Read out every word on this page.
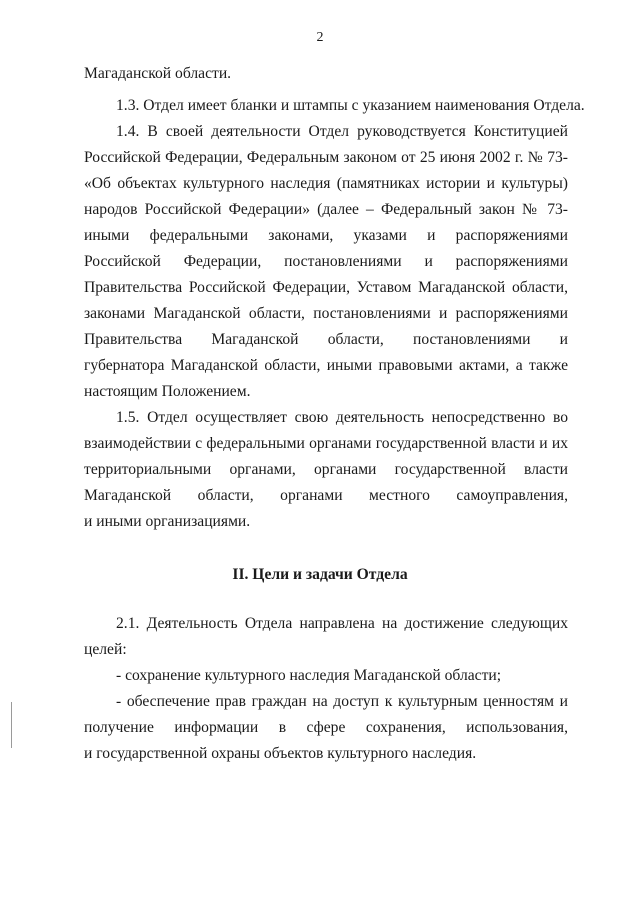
2
Магаданской области.
1.3. Отдел имеет бланки и штампы с указанием наименования Отдела.
1.4. В своей деятельности Отдел руководствуется Конституцией
Российской Федерации, Федеральным законом от 25 июня 2002 г. № 73-
«Об объектах культурного наследия (памятниках истории и культуры)
народов Российской Федерации» (далее – Федеральный закон № 73-
иными федеральными законами, указами и распоряжениями
Российской Федерации, постановлениями и распоряжениями
Правительства Российской Федерации, Уставом Магаданской области,
законами Магаданской области, постановлениями и распоряжениями
Правительства Магаданской области, постановлениями и
губернатора Магаданской области, иными правовыми актами, а также
настоящим Положением.
1.5. Отдел осуществляет свою деятельность непосредственно во
взаимодействии с федеральными органами государственной власти и их
территориальными органами, органами государственной власти
Магаданской области, органами местного самоуправления,
и иными организациями.
II. Цели и задачи Отдела
2.1. Деятельность Отдела направлена на достижение следующих
целей:
- сохранение культурного наследия Магаданской области;
- обеспечение прав граждан на доступ к культурным ценностям и
получение информации в сфере сохранения, использования,
и государственной охраны объектов культурного наследия.
